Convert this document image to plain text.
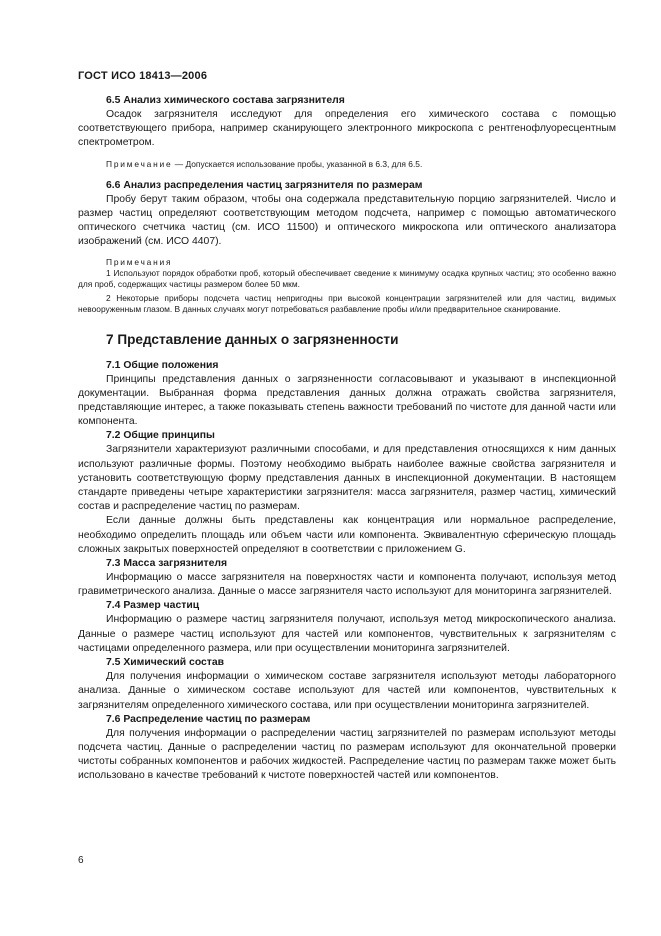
ГОСТ ИСО 18413—2006
6.5 Анализ химического состава загрязнителя

Осадок загрязнителя исследуют для определения его химического состава с помощью соответствующего прибора, например сканирующего электронного микроскопа с рентгенофлуоресцентным спектрометром.

Примечание — Допускается использование пробы, указанной в 6.3, для 6.5.

6.6 Анализ распределения частиц загрязнителя по размерам

Пробу берут таким образом, чтобы она содержала представительную порцию загрязнителей. Число и размер частиц определяют соответствующим методом подсчета, например с помощью автоматического оптического счетчика частиц (см. ИСО 11500) и оптического микроскопа или оптического анализатора изображений (см. ИСО 4407).

Примечания

1 Используют порядок обработки проб, который обеспечивает сведение к минимуму осадка крупных частиц; это особенно важно для проб, содержащих частицы размером более 50 мкм.

2 Некоторые приборы подсчета частиц непригодны при высокой концентрации загрязнителей или для частиц, видимых невооруженным глазом. В данных случаях могут потребоваться разбавление пробы и/или предварительное сканирование.

7 Представление данных о загрязненности
7.1 Общие положения

Принципы представления данных о загрязненности согласовывают и указывают в инспекционной документации. Выбранная форма представления данных должна отражать свойства загрязнителя, представляющие интерес, а также показывать степень важности требований по чистоте для данной части или компонента.

7.2 Общие принципы

Загрязнители характеризуют различными способами, и для представления относящихся к ним данных используют различные формы. Поэтому необходимо выбрать наиболее важные свойства загрязнителя и установить соответствующую форму представления данных в инспекционной документации. В настоящем стандарте приведены четыре характеристики загрязнителя: масса загрязнителя, размер частиц, химический состав и распределение частиц по размерам.

Если данные должны быть представлены как концентрация или нормальное распределение, необходимо определить площадь или объем части или компонента. Эквивалентную сферическую площадь сложных закрытых поверхностей определяют в соответствии с приложением G.

7.3 Масса загрязнителя

Информацию о массе загрязнителя на поверхностях части и компонента получают, используя метод гравиметрического анализа. Данные о массе загрязнителя часто используют для мониторинга загрязнителей.

7.4 Размер частиц

Информацию о размере частиц загрязнителя получают, используя метод микроскопического анализа. Данные о размере частиц используют для частей или компонентов, чувствительных к загрязнителям с частицами определенного размера, или при осуществлении мониторинга загрязнителей.

7.5 Химический состав

Для получения информации о химическом составе загрязнителя используют методы лабораторного анализа. Данные о химическом составе используют для частей или компонентов, чувствительных к загрязнителям определенного химического состава, или при осуществлении мониторинга загрязнителей.

7.6 Распределение частиц по размерам

Для получения информации о распределении частиц загрязнителей по размерам используют методы подсчета частиц. Данные о распределении частиц по размерам используют для окончательной проверки чистоты собранных компонентов и рабочих жидкостей. Распределение частиц по размерам также может быть использовано в качестве требований к чистоте поверхностей частей или компонентов.

6
